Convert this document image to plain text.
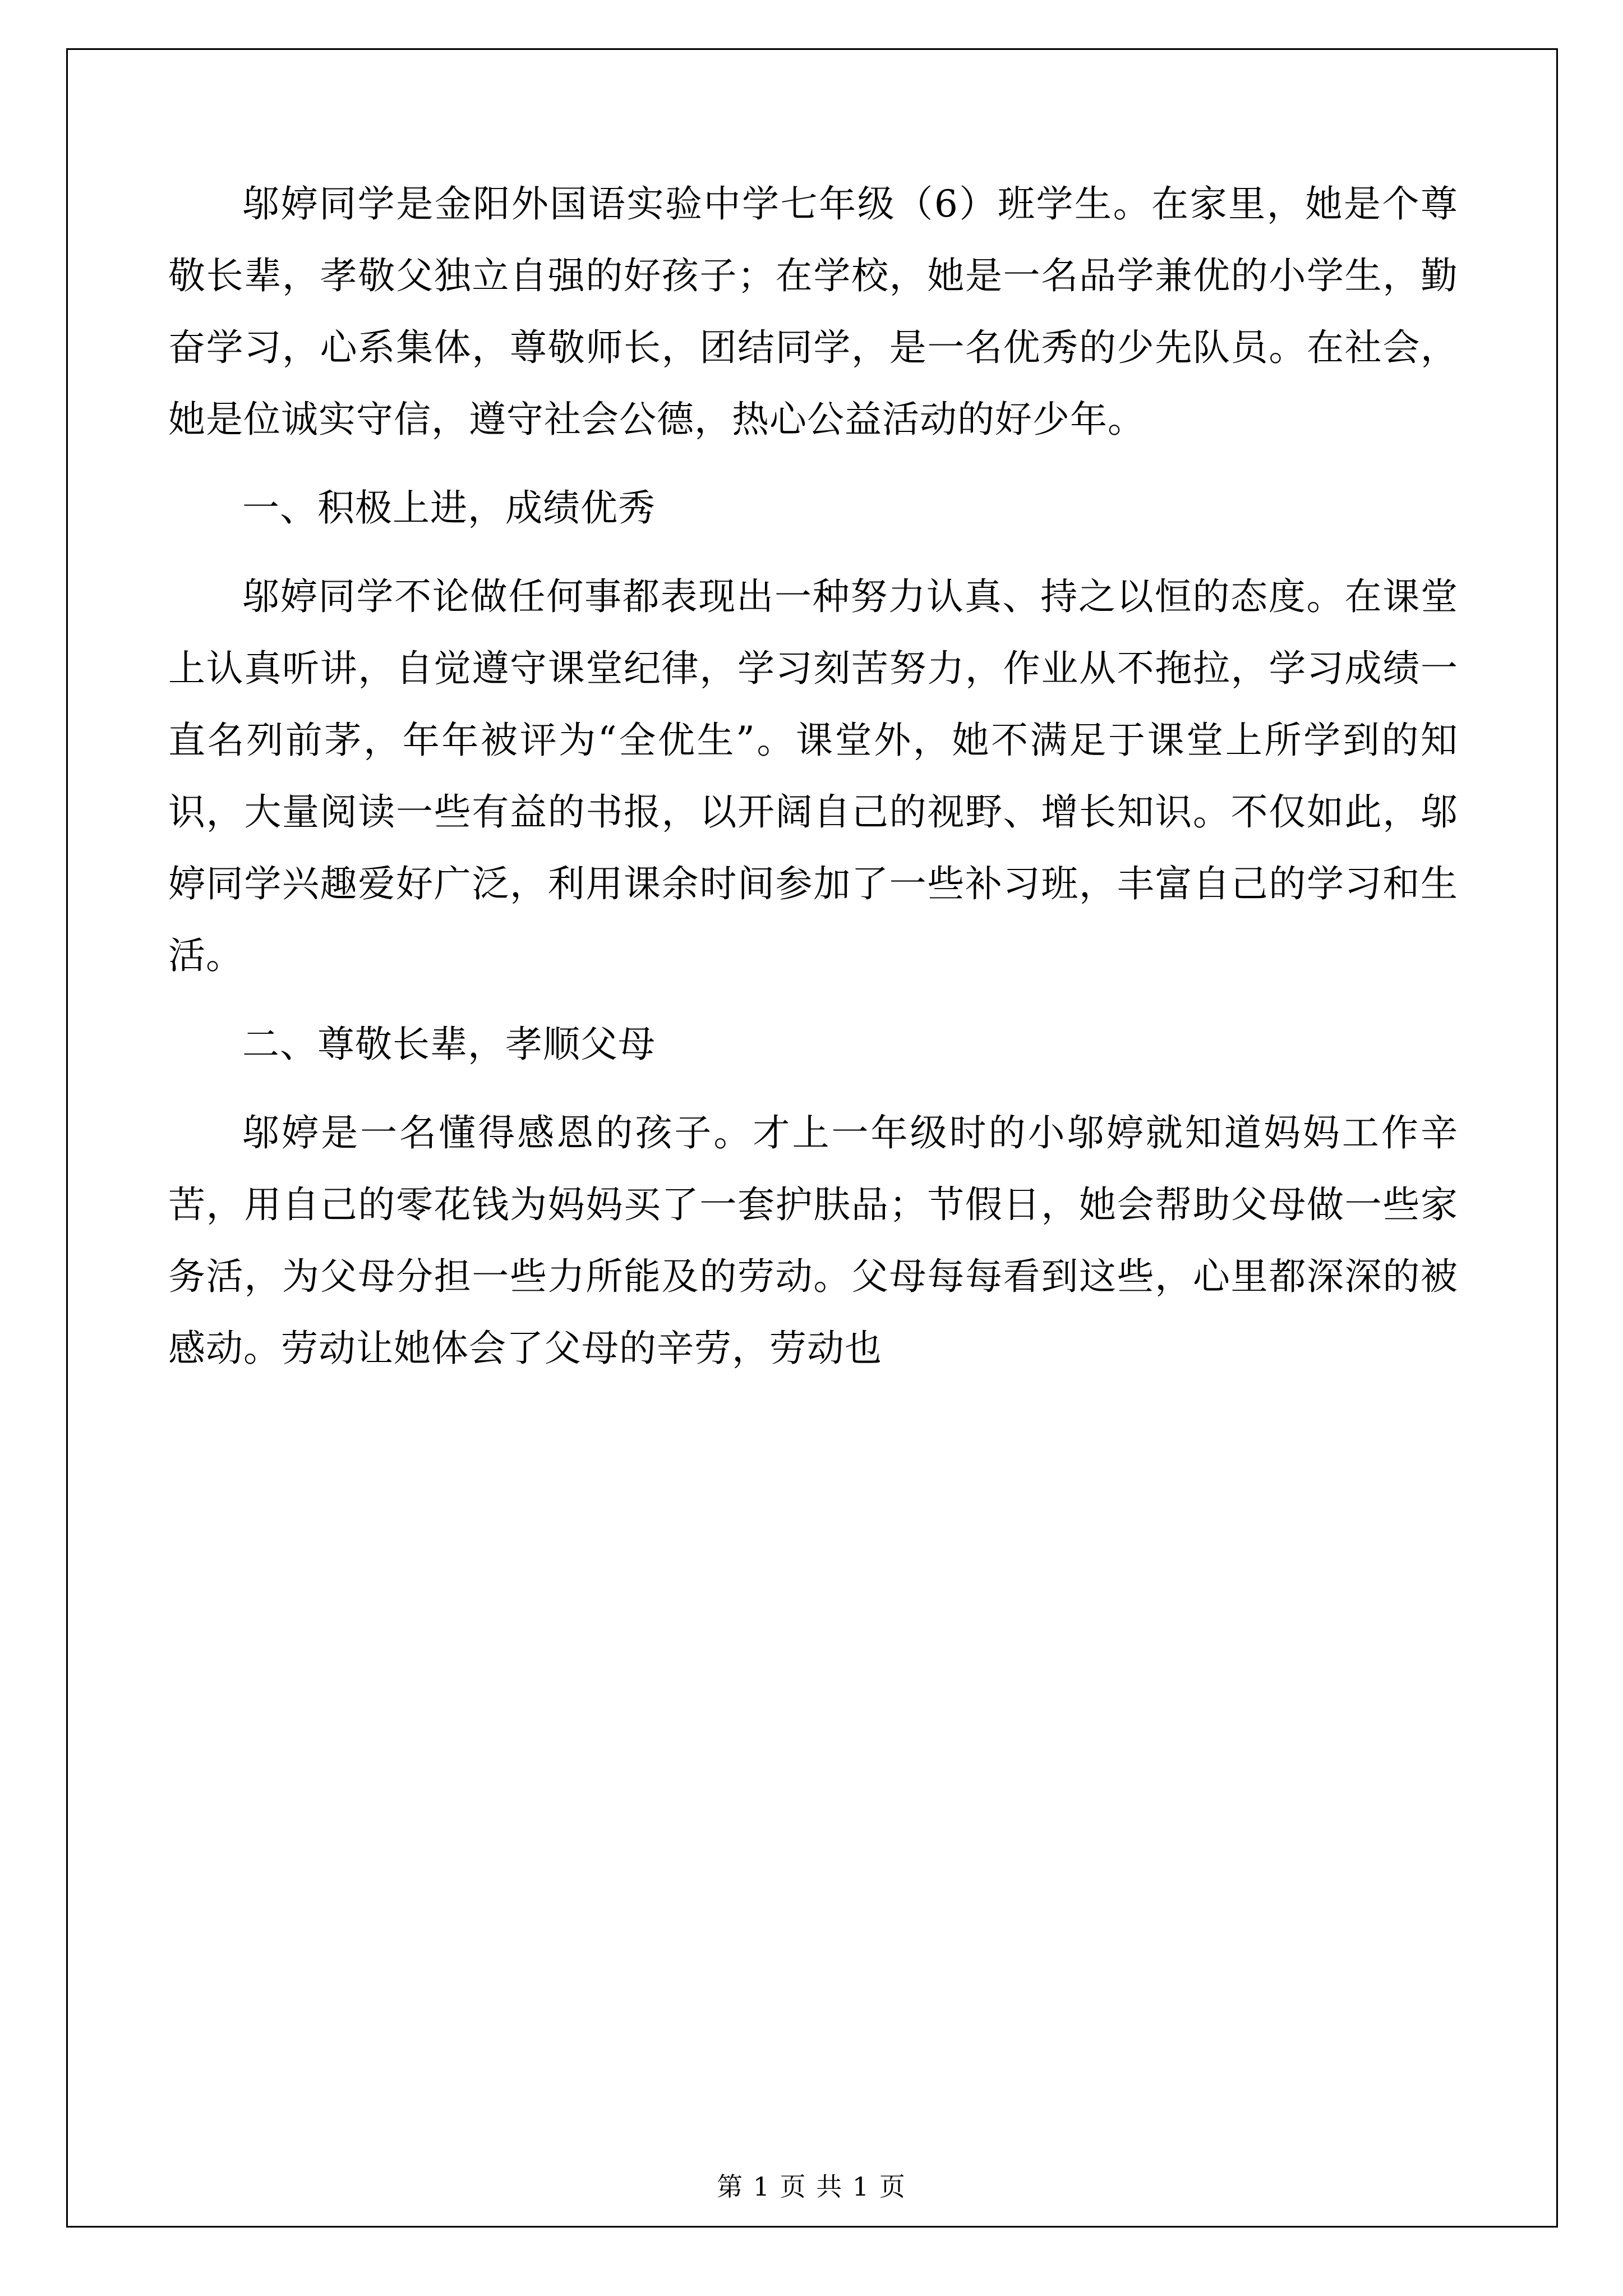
邬婷同学是金阳外国语实验中学七年级（6）班学生。在家里，她是个尊敬长辈，孝敬父独立自强的好孩子；在学校，她是一名品学兼优的小学生，勤奋学习，心系集体，尊敬师长，团结同学，是一名优秀的少先队员。在社会，她是位诚实守信，遵守社会公德，热心公益活动的好少年。

一、积极上进，成绩优秀

邬婷同学不论做任何事都表现出一种努力认真、持之以恒的态度。在课堂上认真听讲，自觉遵守课堂纪律，学习刻苦努力，作业从不拖拉，学习成绩一直名列前茅，年年被评为“全优生”。课堂外，她不满足于课堂上所学到的知识，大量阅读一些有益的书报，以开阔自己的视野、增长知识。不仅如此，邬婷同学兴趣爱好广泛，利用课余时间参加了一些补习班，丰富自己的学习和生活。

二、尊敬长辈，孝顺父母

邬婷是一名懂得感恩的孩子。才上一年级时的小邬婷就知道妈妈工作辛苦，用自己的零花钱为妈妈买了一套护肤品；节假日，她会帮助父母做一些家务活，为父母分担一些力所能及的劳动。父母每每看到这些，心里都深深的被感动。劳动让她体会了父母的辛劳，劳动也

第 1 页 共 1 页
